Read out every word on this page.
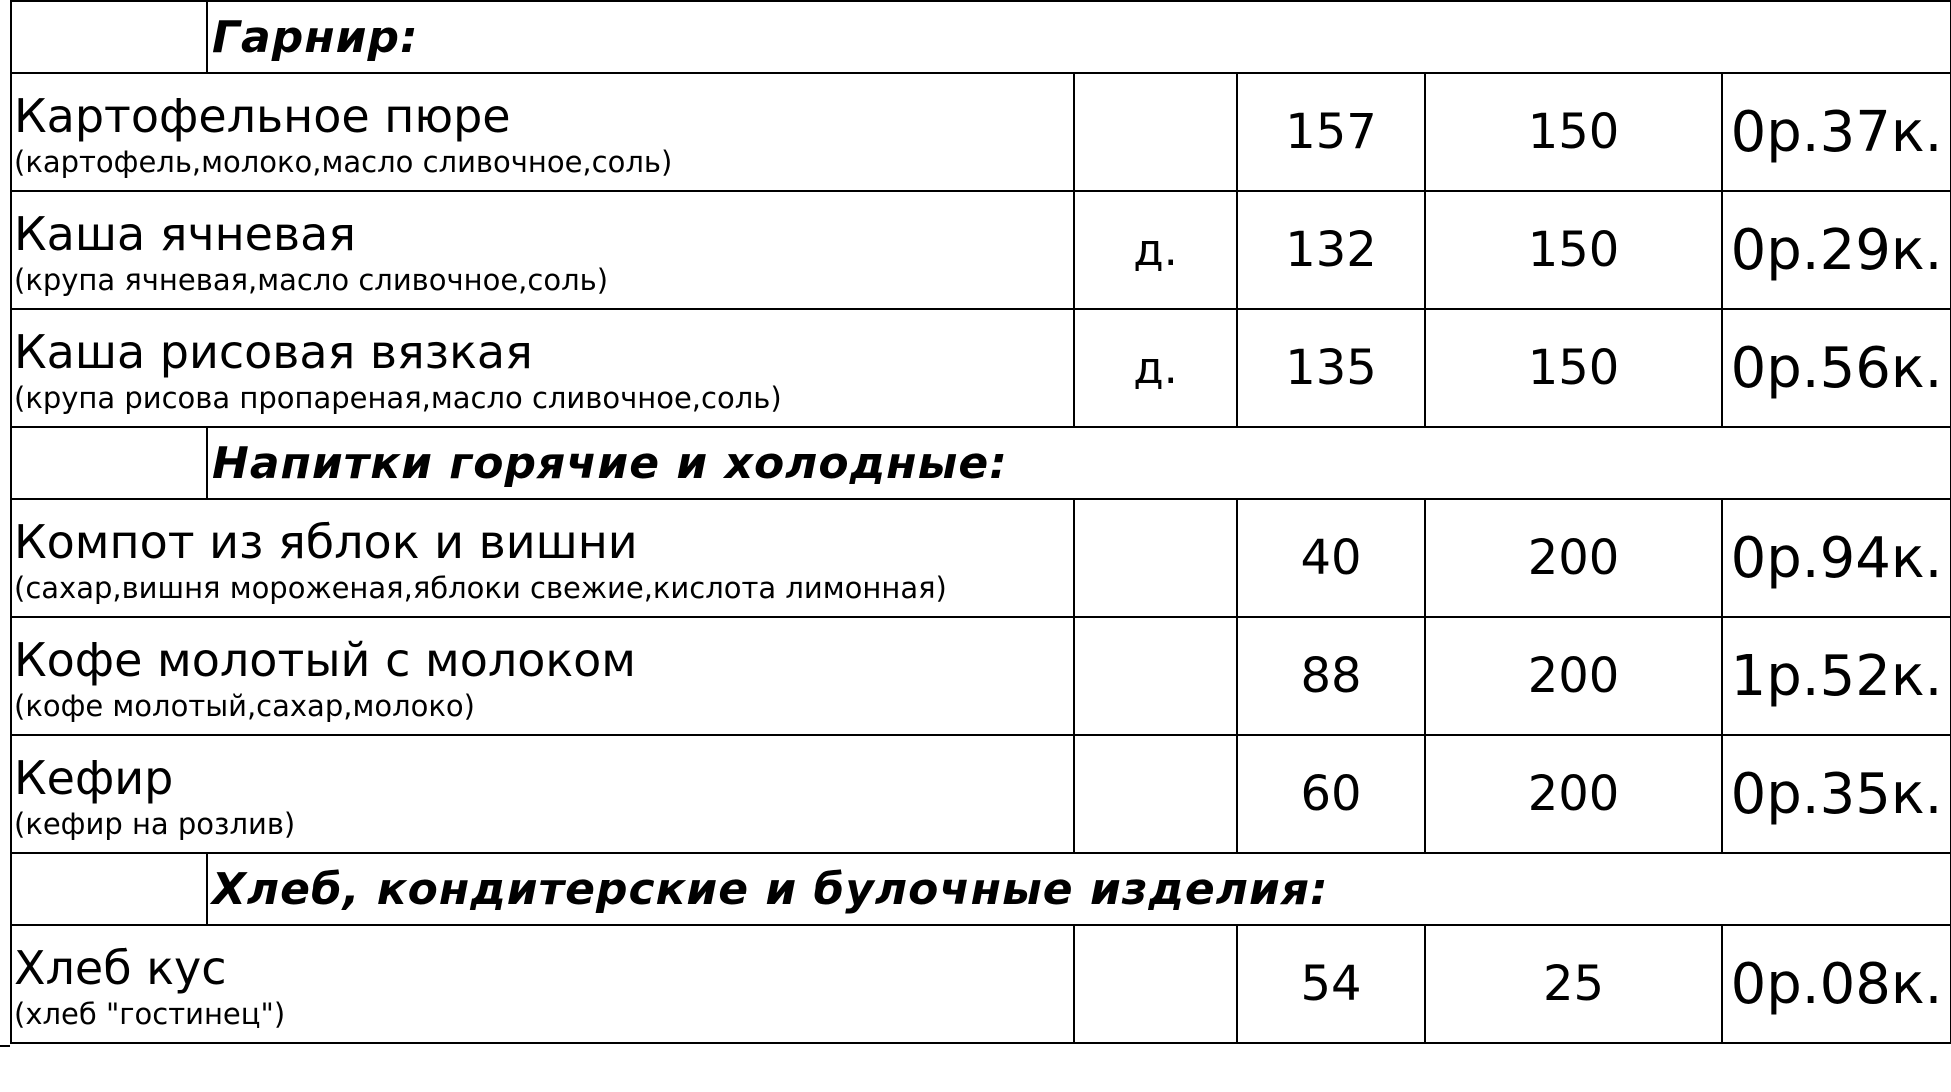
	Гарнир:				

Картофельное пюре
(картофель,молоко,масло сливочное,соль)			157	150	0р.37к.

Каша ячневая
(крупа ячневая,масло сливочное,соль)		д.	132	150	0р.29к.

Каша рисовая вязкая
(крупа рисова пропареная,масло сливочное,соль)		д.	135	150	0р.56к.
	Напитки горячие и холодные:				

Компот из яблок и вишни
(сахар,вишня мороженая,яблоки свежие,кислота лимонная)			40	200	0р.94к.

Кофе молотый с молоком
(кофе молотый,сахар,молоко)			88	200	1р.52к.

Кефир
(кефир на розлив)			60	200	0р.35к.
	Хлеб, кондитерские и булочные изделия:				

Хлеб кус
(хлеб "гостинец")			54	25	0р.08к.
